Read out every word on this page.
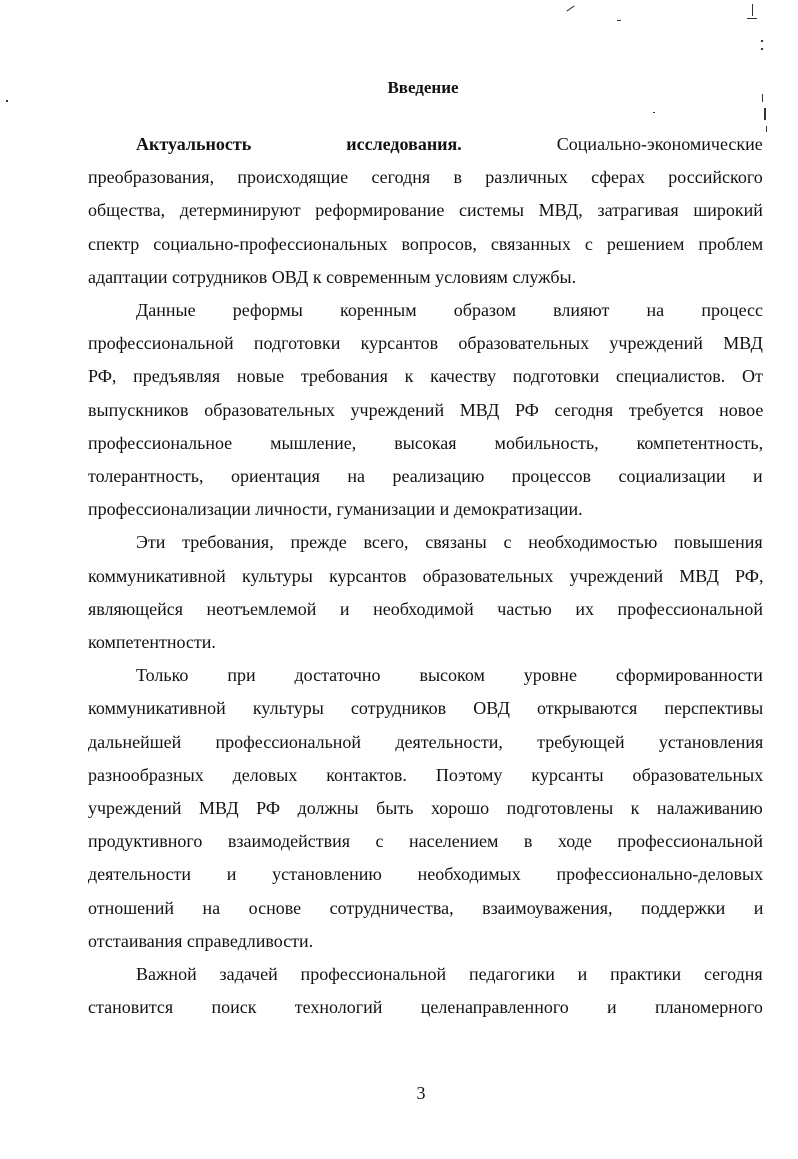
Введение
Актуальность	исследования.	Социально-экономические
преобразования, происходящие сегодня в различных сферах российского
общества, детерминируют реформирование системы МВД, затрагивая широкий
спектр социально-профессиональных вопросов, связанных с решением проблем
адаптации сотрудников ОВД к современным условиям службы.
Данные реформы коренным образом влияют на процесс
профессиональной подготовки курсантов образовательных учреждений МВД
РФ, предъявляя новые требования к качеству подготовки специалистов. От
выпускников образовательных учреждений МВД РФ сегодня требуется новое
профессиональное мышление, высокая мобильность, компетентность,
толерантность, ориентация на реализацию процессов социализации и
профессионализации личности, гуманизации и демократизации.
Эти требования, прежде всего, связаны с необходимостью повышения
коммуникативной культуры курсантов образовательных учреждений МВД РФ,
являющейся неотъемлемой и необходимой частью их профессиональной
компетентности.
Только при достаточно высоком уровне сформированности
коммуникативной культуры сотрудников ОВД открываются перспективы
дальнейшей профессиональной деятельности, требующей установления
разнообразных деловых контактов. Поэтому курсанты образовательных
учреждений МВД РФ должны быть хорошо подготовлены к налаживанию
продуктивного взаимодействия с населением в ходе профессиональной
деятельности и установлению необходимых профессионально-деловых
отношений на основе сотрудничества, взаимоуважения, поддержки и
отстаивания справедливости.
Важной задачей профессиональной педагогики и практики сегодня
становится поиск технологий целенаправленного и планомерного
3
